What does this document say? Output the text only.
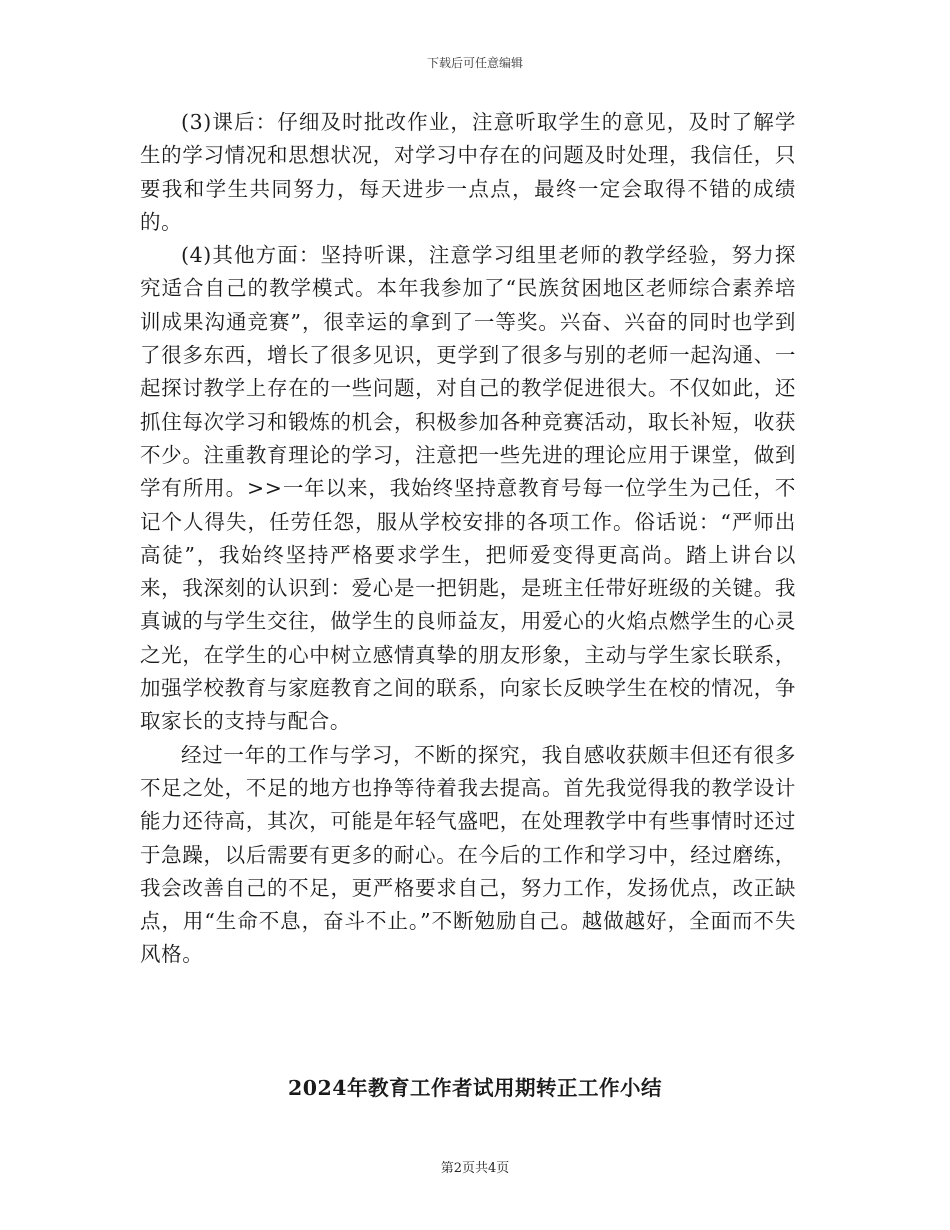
下载后可任意编辑

(3)课后：仔细及时批改作业，注意听取学生的意见，及时了解学生的学习情况和思想状况，对学习中存在的问题及时处理，我信任，只要我和学生共同努力，每天进步一点点，最终一定会取得不错的成绩的。

(4)其他方面：坚持听课，注意学习组里老师的教学经验，努力探究适合自己的教学模式。本年我参加了“民族贫困地区老师综合素养培训成果沟通竞赛”，很幸运的拿到了一等奖。兴奋、兴奋的同时也学到了很多东西，增长了很多见识，更学到了很多与别的老师一起沟通、一起探讨教学上存在的一些问题，对自己的教学促进很大。不仅如此，还抓住每次学习和锻炼的机会，积极参加各种竞赛活动，取长补短，收获不少。注重教育理论的学习，注意把一些先进的理论应用于课堂，做到学有所用。>>一年以来，我始终坚持意教育号每一位学生为己任，不记个人得失，任劳任怨，服从学校安排的各项工作。俗话说：“严师出高徒”，我始终坚持严格要求学生，把师爱变得更高尚。踏上讲台以来，我深刻的认识到：爱心是一把钥匙，是班主任带好班级的关键。我真诚的与学生交往，做学生的良师益友，用爱心的火焰点燃学生的心灵之光，在学生的心中树立感情真挚的朋友形象，主动与学生家长联系，加强学校教育与家庭教育之间的联系，向家长反映学生在校的情况，争取家长的支持与配合。

经过一年的工作与学习，不断的探究，我自感收获颇丰但还有很多不足之处，不足的地方也挣等待着我去提高。首先我觉得我的教学设计能力还待高，其次，可能是年轻气盛吧，在处理教学中有些事情时还过于急躁，以后需要有更多的耐心。在今后的工作和学习中，经过磨练，我会改善自己的不足，更严格要求自己，努力工作，发扬优点，改正缺点，用“生命不息，奋斗不止。”不断勉励自己。越做越好，全面而不失风格。

2024年教育工作者试用期转正工作小结
第2页共4页
